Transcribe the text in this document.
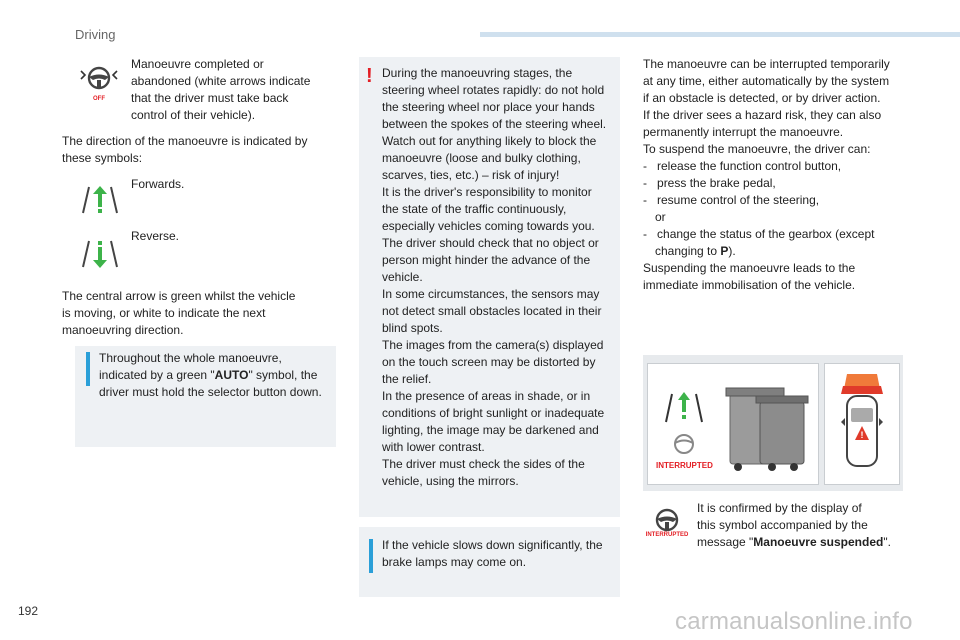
Driving
OFF
Manoeuvre completed or
abandoned (white arrows indicate
that the driver must take back
control of their vehicle).
The direction of the manoeuvre is indicated by
these symbols:
Forwards.
Reverse.
The central arrow is green whilst the vehicle
is moving, or white to indicate the next
manoeuvring direction.
Throughout the whole manoeuvre,
indicated by a green "AUTO" symbol, the
driver must hold the selector button down.
! During the manoeuvring stages, the
steering wheel rotates rapidly: do not hold
the steering wheel nor place your hands
between the spokes of the steering wheel.
Watch out for anything likely to block the
manoeuvre (loose and bulky clothing,
scarves, ties, etc.) – risk of injury!
It is the driver's responsibility to monitor
the state of the traffic continuously,
especially vehicles coming towards you.
The driver should check that no object or
person might hinder the advance of the
vehicle.
In some circumstances, the sensors may
not detect small obstacles located in their
blind spots.
The images from the camera(s) displayed
on the touch screen may be distorted by
the relief.
In the presence of areas in shade, or in
conditions of bright sunlight or inadequate
lighting, the image may be darkened and
with lower contrast.
The driver must check the sides of the
vehicle, using the mirrors.
If the vehicle slows down significantly, the
brake lamps may come on.
The manoeuvre can be interrupted temporarily
at any time, either automatically by the system
if an obstacle is detected, or by driver action.
If the driver sees a hazard risk, they can also
permanently interrupt the manoeuvre.
To suspend the manoeuvre, the driver can:
- release the function control button,
- press the brake pedal,
- resume control of the steering,
or
- change the status of the gearbox (except
changing to P).
Suspending the manoeuvre leads to the
immediate immobilisation of the vehicle.
INTERRUPTED
!
INTERRUPTED
It is confirmed by the display of
this symbol accompanied by the
message "Manoeuvre suspended".
192	carmanualsonline.info
